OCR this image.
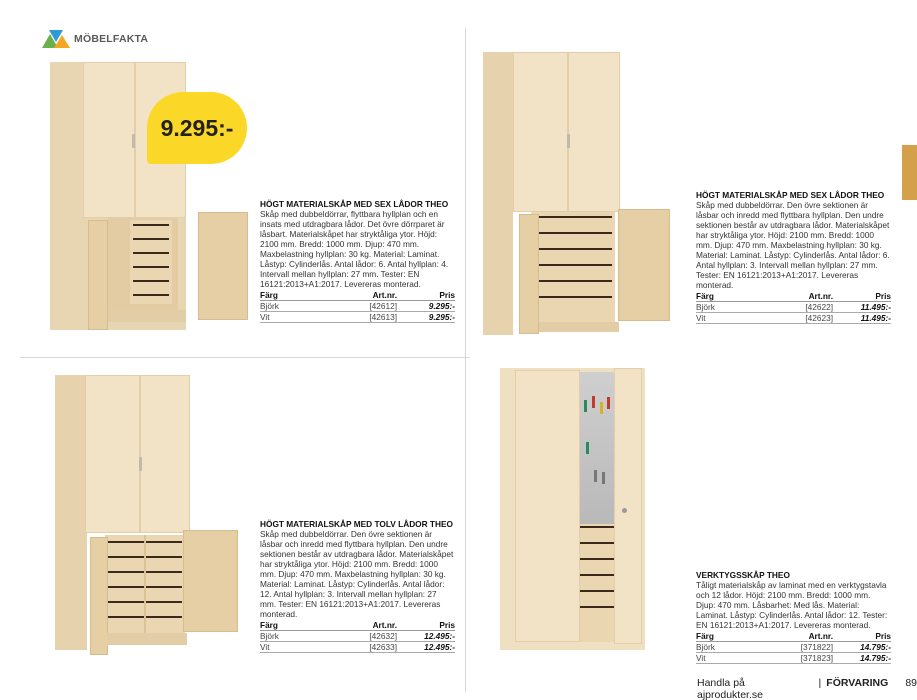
MÖBELFAKTA
9.295:-
HÖGT MATERIALSKÅP MED SEX LÅDOR THEO

Skåp med dubbeldörrar, flyttbara hyllplan och en insats med utdragbara lådor. Det övre dörrparet är låsbart. Materialskåpet har stryktåliga ytor. Höjd: 2100 mm. Bredd: 1000 mm. Djup: 470 mm. Maxbelastning hyllplan: 30 kg. Material: Laminat. Låstyp: Cylinderlås. Antal lådor: 6. Antal hyllplan: 4. Intervall mellan hyllplan: 27 mm. Tester: EN 16121:2013+A1:2017. Levereras monterad.

Färg	Art.nr.	Pris
Björk	[42612]	9.295:-
Vit	[42613]	9.295:-
HÖGT MATERIALSKÅP MED SEX LÅDOR THEO

Skåp med dubbeldörrar. Den övre sektionen är låsbar och inredd med flyttbara hyllplan. Den undre sektionen består av utdragbara lådor. Materialskåpet har stryktåliga ytor. Höjd: 2100 mm. Bredd: 1000 mm. Djup: 470 mm. Maxbelastning hyllplan: 30 kg. Material: Laminat. Låstyp: Cylinderlås. Antal lådor: 6. Antal hyllplan: 3. Intervall mellan hyllplan: 27 mm. Tester: EN 16121:2013+A1:2017. Levereras monterad.

Färg	Art.nr.	Pris
Björk	[42622]	11.495:-
Vit	[42623]	11.495:-
HÖGT MATERIALSKÅP MED TOLV LÅDOR THEO

Skåp med dubbeldörrar. Den övre sektionen är låsbar och inredd med flyttbara hyllplan. Den undre sektionen består av utdragbara lådor. Materialskåpet har stryktåliga ytor. Höjd: 2100 mm. Bredd: 1000 mm. Djup: 470 mm. Maxbelastning hyllplan: 30 kg. Material: Laminat. Låstyp: Cylinderlås. Antal lådor: 12. Antal hyllplan: 3. Intervall mellan hyllplan: 27 mm. Tester: EN 16121:2013+A1:2017. Levereras monterad.

Färg	Art.nr.	Pris
Björk	[42632]	12.495:-
Vit	[42633]	12.495:-
VERKTYGSSKÅP THEO

Tåligt materialskåp av laminat med en verktygstavla och 12 lådor. Höjd: 2100 mm. Bredd: 1000 mm. Djup: 470 mm. Låsbarhet: Med lås. Material: Laminat. Låstyp: Cylinderlås. Antal lådor: 12. Tester: EN 16121:2013+A1:2017. Levereras monterad.

Färg	Art.nr.	Pris
Björk	[371822]	14.795:-
Vit	[371823]	14.795:-
Handla på ajprodukter.se
| FÖRVARING 89
